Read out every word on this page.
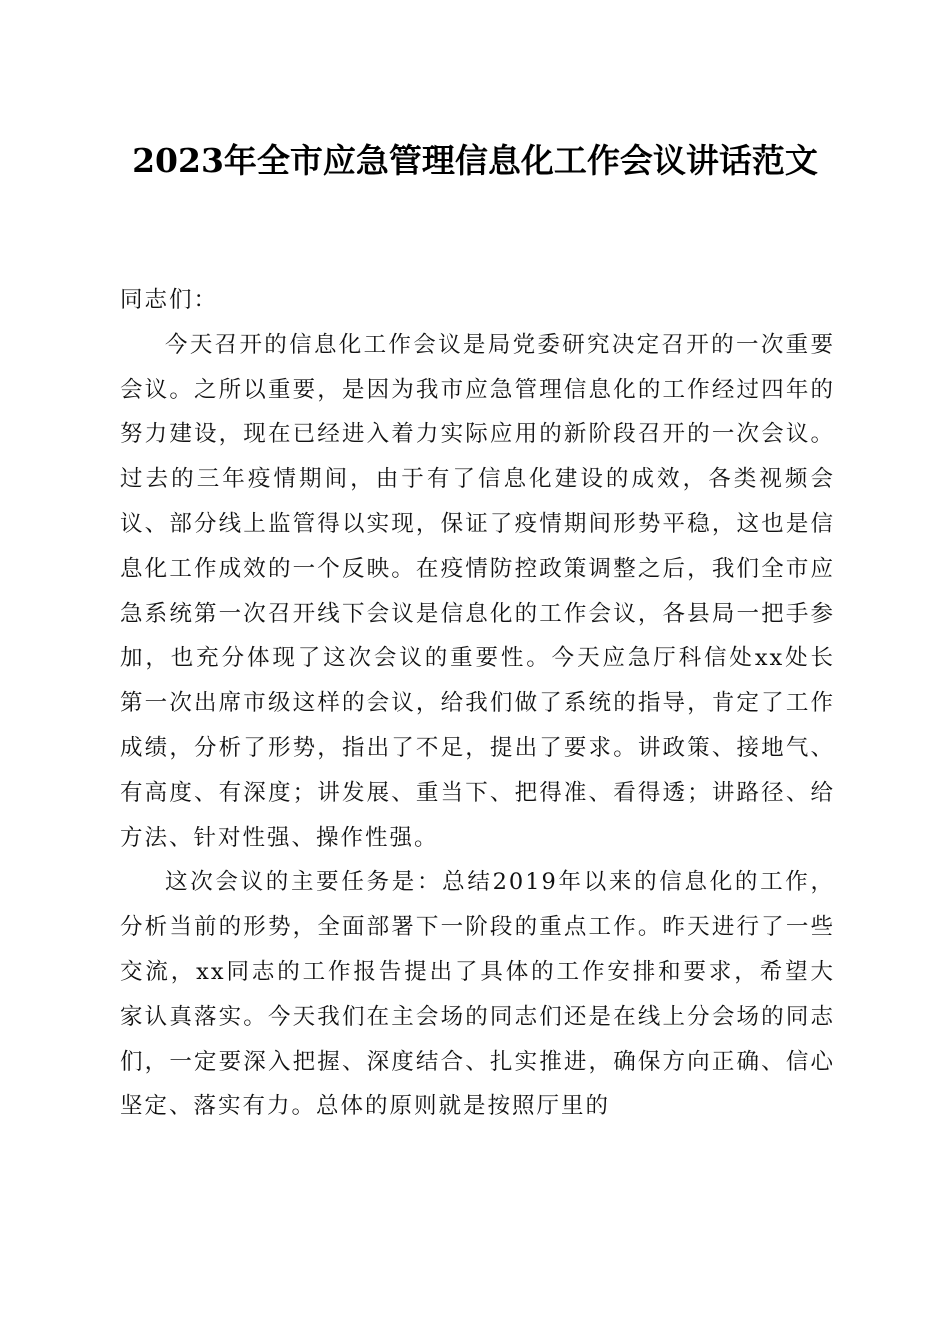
2023年全市应急管理信息化工作会议讲话范文

同志们：

今天召开的信息化工作会议是局党委研究决定召开的一次重要会议。之所以重要，是因为我市应急管理信息化的工作经过四年的努力建设，现在已经进入着力实际应用的新阶段召开的一次会议。过去的三年疫情期间，由于有了信息化建设的成效，各类视频会议、部分线上监管得以实现，保证了疫情期间形势平稳，这也是信息化工作成效的一个反映。在疫情防控政策调整之后，我们全市应急系统第一次召开线下会议是信息化的工作会议，各县局一把手参加，也充分体现了这次会议的重要性。今天应急厅科信处xx处长第一次出席市级这样的会议，给我们做了系统的指导，肯定了工作成绩，分析了形势，指出了不足，提出了要求。讲政策、接地气、有高度、有深度；讲发展、重当下、把得准、看得透；讲路径、给方法、针对性强、操作性强。

这次会议的主要任务是：总结2019年以来的信息化的工作，分析当前的形势，全面部署下一阶段的重点工作。昨天进行了一些交流，xx同志的工作报告提出了具体的工作安排和要求，希望大家认真落实。今天我们在主会场的同志们还是在线上分会场的同志们，一定要深入把握、深度结合、扎实推进，确保方向正确、信心坚定、落实有力。总体的原则就是按照厅里的
